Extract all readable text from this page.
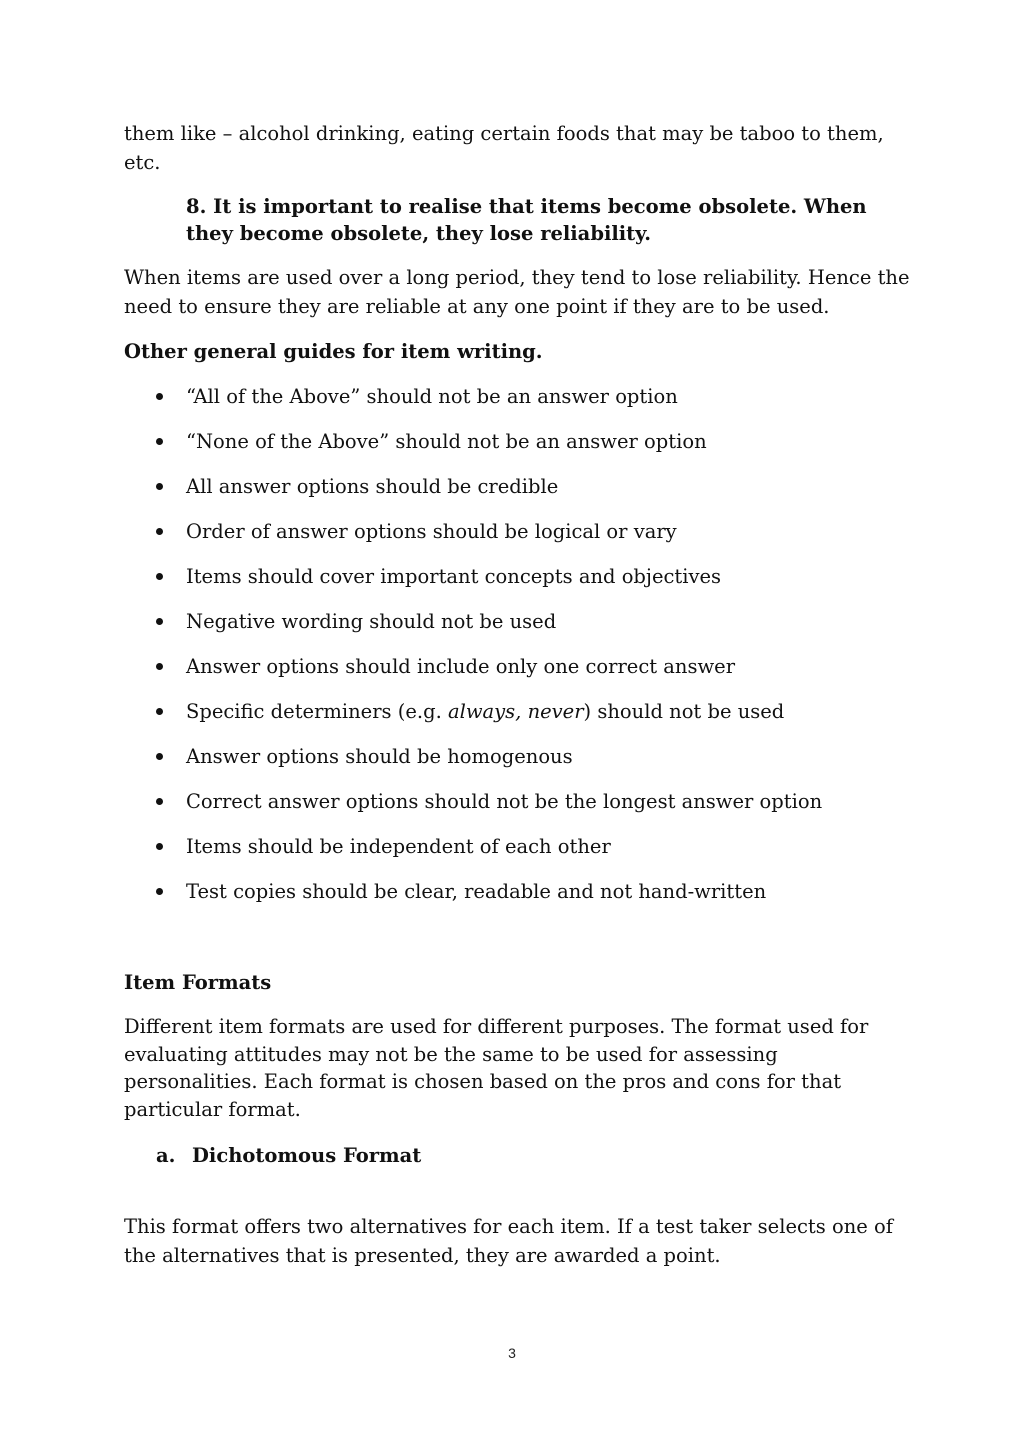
them like – alcohol drinking, eating certain foods that may be taboo to them, etc.

8. It is important to realise that items become obsolete. When they become obsolete, they lose reliability.

When items are used over a long period, they tend to lose reliability. Hence the need to ensure they are reliable at any one point if they are to be used.

Other general guides for item writing.

“All of the Above” should not be an answer option
“None of the Above” should not be an answer option
All answer options should be credible
Order of answer options should be logical or vary
Items should cover important concepts and objectives
Negative wording should not be used
Answer options should include only one correct answer
Specific determiners (e.g. always, never) should not be used
Answer options should be homogenous
Correct answer options should not be the longest answer option
Items should be independent of each other
Test copies should be clear, readable and not hand-written

Item Formats

Different item formats are used for different purposes. The format used for evaluating attitudes may not be the same to be used for assessing personalities. Each format is chosen based on the pros and cons for that particular format.

a. Dichotomous Format

This format offers two alternatives for each item. If a test taker selects one of the alternatives that is presented, they are awarded a point.

3
